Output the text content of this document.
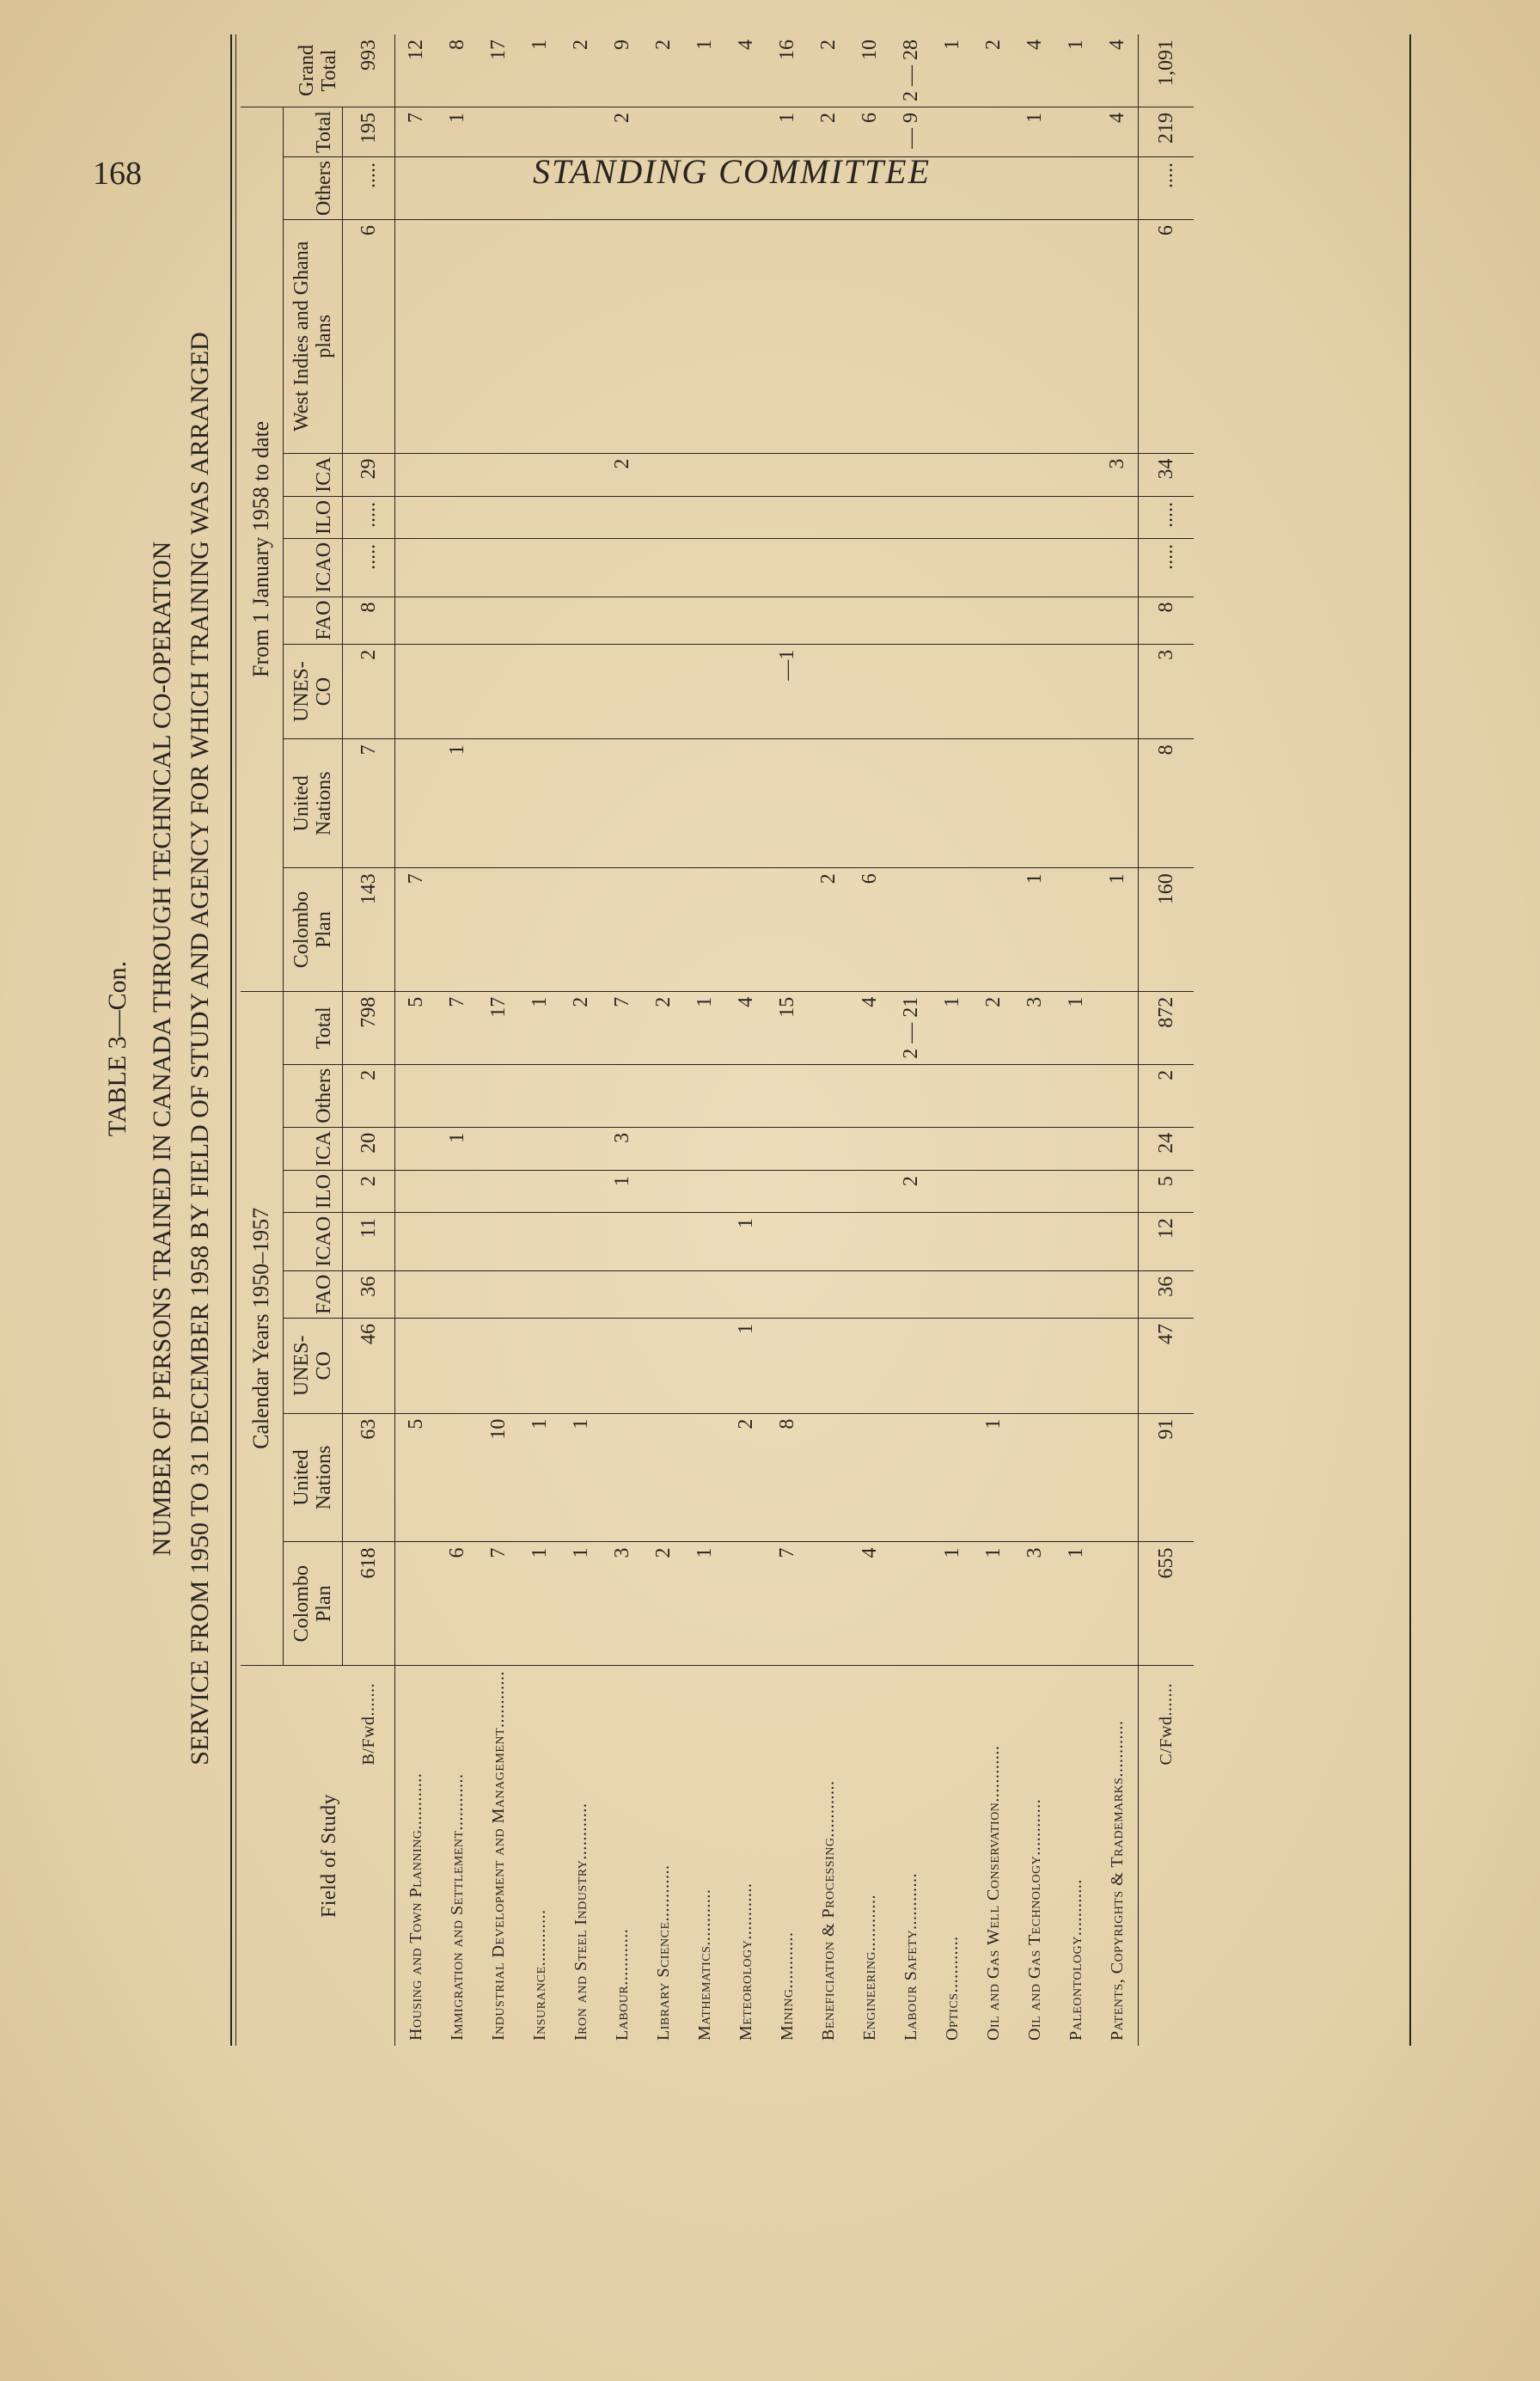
168	STANDING COMMITTEE
TABLE 3—Con. NUMBER OF PERSONS TRAINED IN CANADA THROUGH TECHNICAL CO-OPERATION SERVICE FROM 1950 TO 31 DECEMBER 1958 BY FIELD OF STUDY AND AGENCY FOR WHICH TRAINING WAS ARRANGED
Field of Study	Calendar Years 1950–1957									From 1 January 1958 to date										Grand Total
	Colombo Plan	United Nations	UNES-CO	FAO	ICAO	ILO	ICA	Others	Total	Colombo Plan	United Nations	UNES-CO	FAO	ICAO	ILO	ICA	West Indies and Ghana plans	Others	Total	
B/Fwd.......	618	63	46	36	11	2	20	2	798	143	7	2	8	.....	.....	29	6	.....	195	993
Housing and Town Planning............		5							5	7									7	12
Immigration and Settlement............	6						1		7		1								1	8
Industrial Development and Management............	7	10							17											17
Insurance............	1	1							1											1
Iron and Steel Industry............	1	1							2											2
Labour............	3					1	3		7							2			2	9
Library Science............	2								2											2
Mathematics............	1								1											1
Meteorology............		2	1		1				4											4
Mining............	7	8							15			—1							1	16
Beneficiation & Processing............										2									2	2
Engineering............	4								4	6									6	10
Labour Safety............						2			2 — 21										— 9	2 — 28
Optics............	1								1											1
Oil and Gas Well Conservation............	1	1							2											2
Oil and Gas Technology............	3								3	1									1	4
Paleontology............	1								1											1
Patents, Copyrights & Trademarks............										1						3			4	4
C/Fwd.......	655	91	47	36	12	5	24	2	872	160	8	3	8	.....	.....	34	6	.....	219	1,091
